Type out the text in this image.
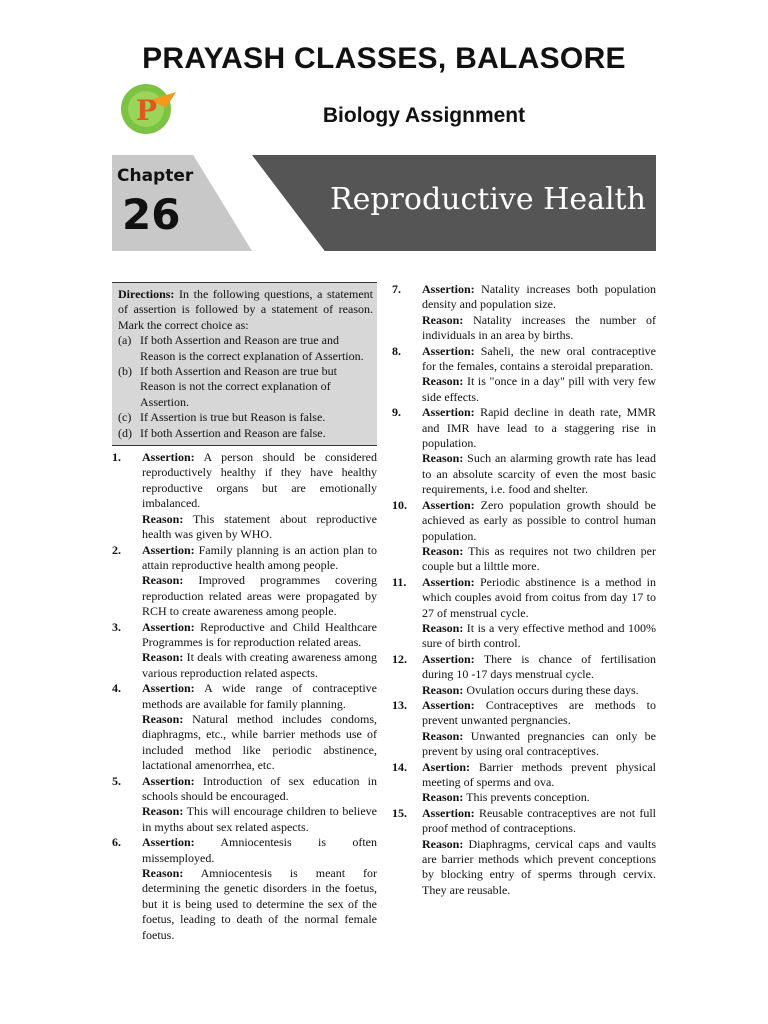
PRAYASH CLASSES, BALASORE
P	Biology Assignment
Chapter
26	Reproductive Health
Directions: In the following questions, a statement of assertion is followed by a statement of reason. Mark the correct choice as:
(a) If both Assertion and Reason are true and Reason is the correct explanation of Assertion.
(b) If both Assertion and Reason are true but Reason is not the correct explanation of Assertion.
(c) If Assertion is true but Reason is false.
(d) If both Assertion and Reason are false.
1.	Assertion: A person should be considered reproductively healthy if they have healthy reproductive organs but are emotionally imbalanced.
Reason: This statement about reproductive health was given by WHO.
2.	Assertion: Family planning is an action plan to attain reproductive health among people.
Reason: Improved programmes covering reproduction related areas were propagated by RCH to create awareness among people.
3.	Assertion: Reproductive and Child Healthcare Programmes is for reproduction related areas.
Reason: It deals with creating awareness among various reproduction related aspects.
4.	Assertion: A wide range of contraceptive methods are available for family planning.
Reason: Natural method includes condoms, diaphragms, etc., while barrier methods use of included method like periodic abstinence, lactational amenorrhea, etc.
5.	Assertion: Introduction of sex education in schools should be encouraged.
Reason: This will encourage children to believe in myths about sex related aspects.
6.	Assertion: Amniocentesis is often missemployed.
Reason: Amniocentesis is meant for determining the genetic disorders in the foetus, but it is being used to determine the sex of the foetus, leading to death of the normal female foetus.
7.	Assertion: Natality increases both population density and population size.
Reason: Natality increases the number of individuals in an area by births.
8.	Assertion: Saheli, the new oral contraceptive for the females, contains a steroidal preparation.
Reason: It is "once in a day" pill with very few side effects.
9.	Assertion: Rapid decline in death rate, MMR and IMR have lead to a staggering rise in population.
Reason: Such an alarming growth rate has lead to an absolute scarcity of even the most basic requirements, i.e. food and shelter.
10.	Assertion: Zero population growth should be achieved as early as possible to control human population.
Reason: This as requires not two children per couple but a lilttle more.
11.	Assertion: Periodic abstinence is a method in which couples avoid from coitus from day 17 to 27 of menstrual cycle.
Reason: It is a very effective method and 100% sure of birth control.
12.	Assertion: There is chance of fertilisation during 10 -17 days menstrual cycle.
Reason: Ovulation occurs during these days.
13.	Assertion: Contraceptives are methods to prevent unwanted pergnancies.
Reason: Unwanted pregnancies can only be prevent by using oral contraceptives.
14.	Asertion: Barrier methods prevent physical meeting of sperms and ova.
Reason: This prevents conception.
15.	Assertion: Reusable contraceptives are not full proof method of contraceptions.
Reason: Diaphragms, cervical caps and vaults are barrier methods which prevent conceptions by blocking entry of sperms through cervix. They are reusable.
